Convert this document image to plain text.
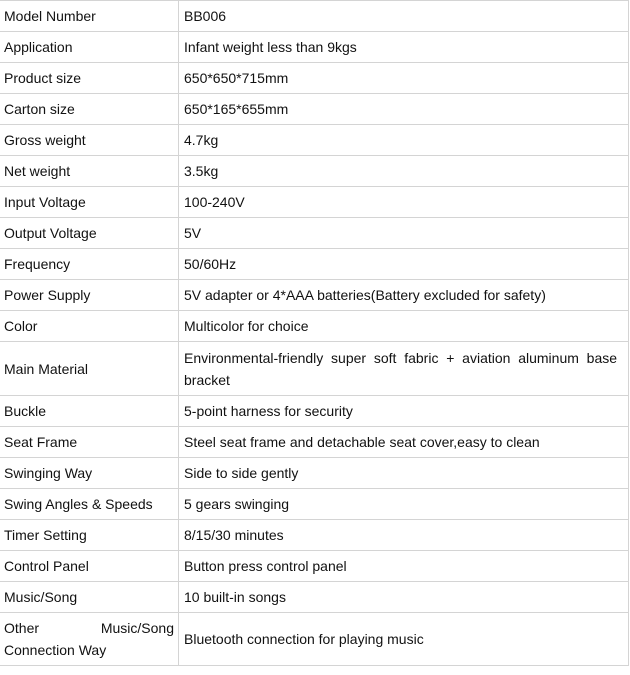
Model Number	BB006
Application	Infant weight less than 9kgs
Product size	650*650*715mm
Carton size	650*165*655mm
Gross weight	4.7kg
Net weight	3.5kg
Input Voltage	100-240V
Output Voltage	5V
Frequency	50/60Hz
Power Supply	5V adapter or 4*AAA batteries(Battery excluded for safety)
Color	Multicolor for choice
Main Material	Environmental-friendly  super  soft  fabric  +  aviation  aluminum  base
bracket

Buckle	5-point harness for security
Seat Frame	Steel seat frame and detachable seat cover,easy to clean
Swinging Way	Side to side gently
Swing Angles & Speeds	5 gears swinging
Timer Setting	8/15/30 minutes
Control Panel	Button press control panel
Music/Song	10 built-in songs

Other Music/Song
Connection Way	Bluetooth connection for playing music
